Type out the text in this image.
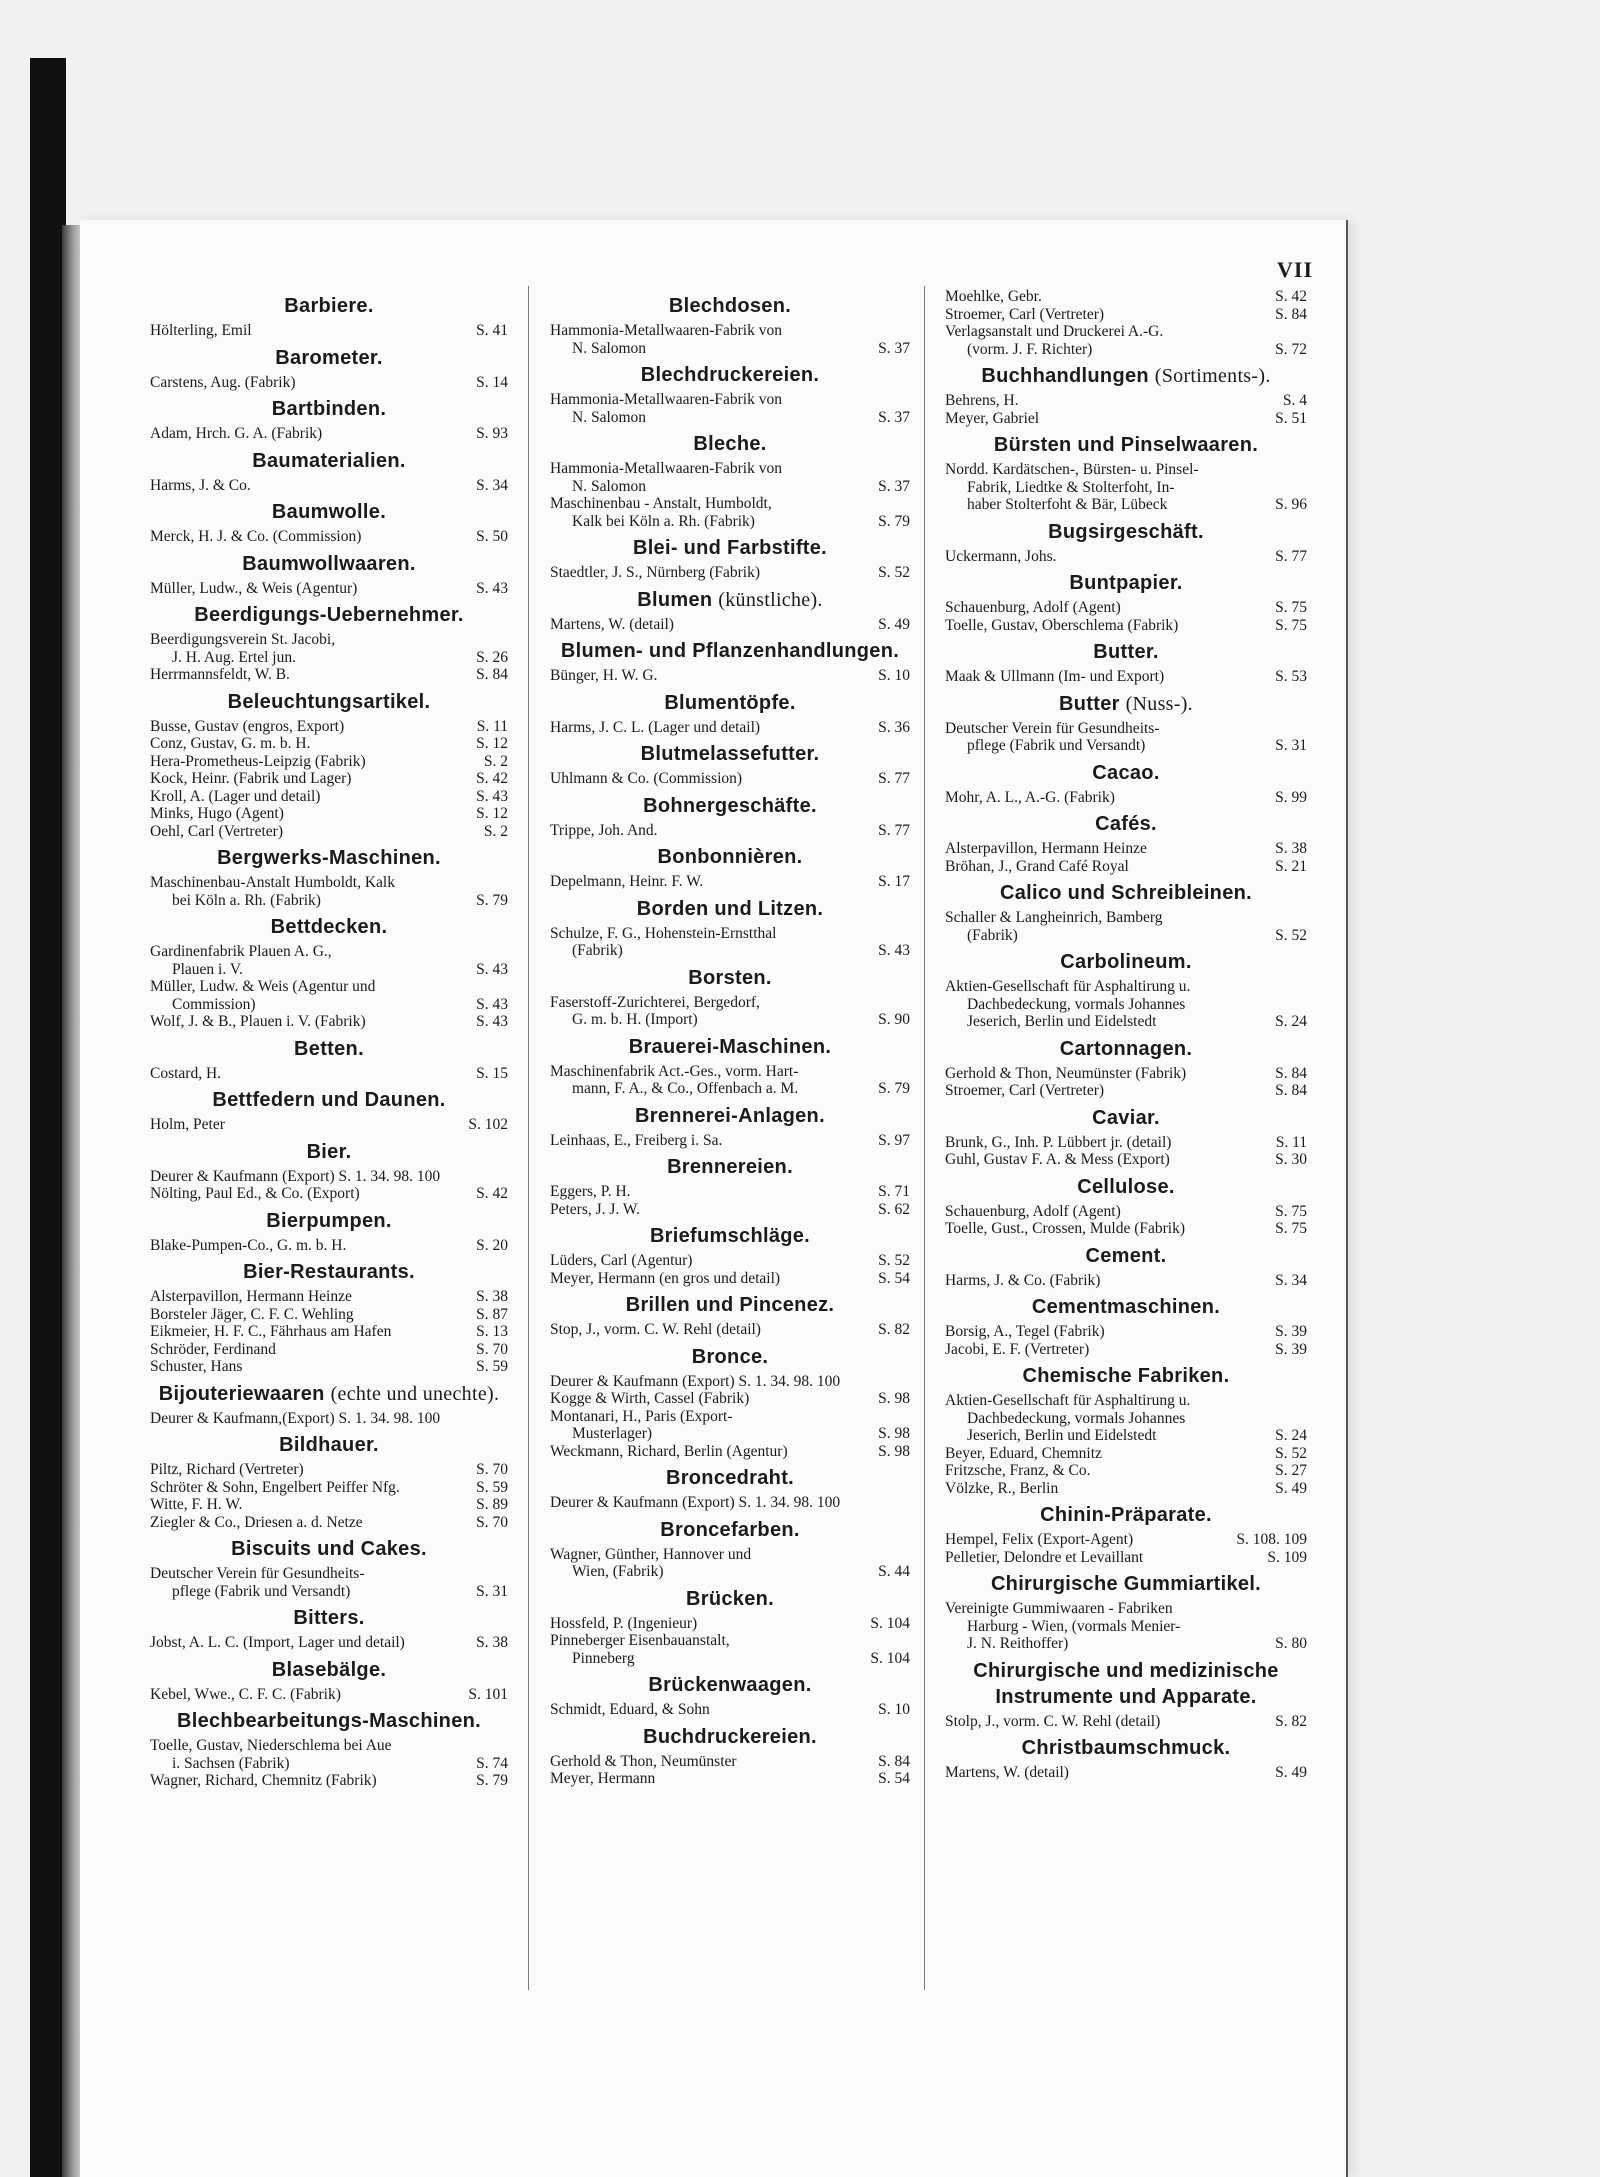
VII
Barbiere.
Hölterling, Emil	S. 41
Barometer.
Carstens, Aug. (Fabrik)	S. 14
Bartbinden.
Adam, Hrch. G. A. (Fabrik)	S. 93
Baumaterialien.
Harms, J. & Co.	S. 34
Baumwolle.
Merck, H. J. & Co. (Commission)	S. 50
Baumwollwaaren.
Müller, Ludw., & Weis (Agentur)	S. 43
Beerdigungs-Uebernehmer.
Beerdigungsverein St. Jacobi,
J. H. Aug. Ertel jun.	S. 26
Herrmannsfeldt, W. B.	S. 84
Beleuchtungsartikel.
Busse, Gustav (engros, Export)	S. 11
Conz, Gustav, G. m. b. H.	S. 12
Hera-Prometheus-Leipzig (Fabrik)	S. 2
Kock, Heinr. (Fabrik und Lager)	S. 42
Kroll, A. (Lager und detail)	S. 43
Minks, Hugo (Agent)	S. 12
Oehl, Carl (Vertreter)	S. 2
Bergwerks-Maschinen.
Maschinenbau-Anstalt Humboldt, Kalk
bei Köln a. Rh. (Fabrik)	S. 79
Bettdecken.
Gardinenfabrik Plauen A. G.,
Plauen i. V.	S. 43
Müller, Ludw. & Weis (Agentur und
Commission)	S. 43
Wolf, J. & B., Plauen i. V. (Fabrik)	S. 43
Betten.
Costard, H.	S. 15
Bettfedern und Daunen.
Holm, Peter	S. 102
Bier.
Deurer & Kaufmann (Export) S. 1. 34. 98. 100
Nölting, Paul Ed., & Co. (Export)	S. 42
Bierpumpen.
Blake-Pumpen-Co., G. m. b. H.	S. 20
Bier-Restaurants.
Alsterpavillon, Hermann Heinze	S. 38
Borsteler Jäger, C. F. C. Wehling	S. 87
Eikmeier, H. F. C., Fährhaus am Hafen	S. 13
Schröder, Ferdinand	S. 70
Schuster, Hans	S. 59
Bijouteriewaaren (echte und unechte).
Deurer & Kaufmann,(Export) S. 1. 34. 98. 100
Bildhauer.
Piltz, Richard (Vertreter)	S. 70
Schröter & Sohn, Engelbert Peiffer Nfg.	S. 59
Witte, F. H. W.	S. 89
Ziegler & Co., Driesen a. d. Netze	S. 70
Biscuits und Cakes.
Deutscher Verein für Gesundheits-
pflege (Fabrik und Versandt)	S. 31
Bitters.
Jobst, A. L. C. (Import, Lager und detail)	S. 38
Blasebälge.
Kebel, Wwe., C. F. C. (Fabrik)	S. 101
Blechbearbeitungs-Maschinen.
Toelle, Gustav, Niederschlema bei Aue
i. Sachsen (Fabrik)	S. 74
Wagner, Richard, Chemnitz (Fabrik)	S. 79
Blechdosen.
Hammonia-Metallwaaren-Fabrik von
N. Salomon	S. 37
Blechdruckereien.
Hammonia-Metallwaaren-Fabrik von
N. Salomon	S. 37
Bleche.
Hammonia-Metallwaaren-Fabrik von
N. Salomon	S. 37
Maschinenbau - Anstalt, Humboldt,
Kalk bei Köln a. Rh. (Fabrik)	S. 79
Blei- und Farbstifte.
Staedtler, J. S., Nürnberg (Fabrik)	S. 52
Blumen (künstliche).
Martens, W. (detail)	S. 49
Blumen- und Pflanzenhandlungen.
Bünger, H. W. G.	S. 10
Blumentöpfe.
Harms, J. C. L. (Lager und detail)	S. 36
Blutmelassefutter.
Uhlmann & Co. (Commission)	S. 77
Bohnergeschäfte.
Trippe, Joh. And.	S. 77
Bonbonnièren.
Depelmann, Heinr. F. W.	S. 17
Borden und Litzen.
Schulze, F. G., Hohenstein-Ernstthal
(Fabrik)	S. 43
Borsten.
Faserstoff-Zurichterei, Bergedorf,
G. m. b. H. (Import)	S. 90
Brauerei-Maschinen.
Maschinenfabrik Act.-Ges., vorm. Hart-
mann, F. A., & Co., Offenbach a. M.	S. 79
Brennerei-Anlagen.
Leinhaas, E., Freiberg i. Sa.	S. 97
Brennereien.
Eggers, P. H.	S. 71
Peters, J. J. W.	S. 62
Briefumschläge.
Lüders, Carl (Agentur)	S. 52
Meyer, Hermann (en gros und detail)	S. 54
Brillen und Pincenez.
Stop, J., vorm. C. W. Rehl (detail)	S. 82
Bronce.
Deurer & Kaufmann (Export) S. 1. 34. 98. 100
Kogge & Wirth, Cassel (Fabrik)	S. 98
Montanari, H., Paris (Export-
Musterlager)	S. 98
Weckmann, Richard, Berlin (Agentur)	S. 98
Broncedraht.
Deurer & Kaufmann (Export) S. 1. 34. 98. 100
Broncefarben.
Wagner, Günther, Hannover und
Wien, (Fabrik)	S. 44
Brücken.
Hossfeld, P. (Ingenieur)	S. 104
Pinneberger Eisenbauanstalt,
Pinneberg	S. 104
Brückenwaagen.
Schmidt, Eduard, & Sohn	S. 10
Buchdruckereien.
Gerhold & Thon, Neumünster	S. 84
Meyer, Hermann	S. 54
Moehlke, Gebr.	S. 42
Stroemer, Carl (Vertreter)	S. 84
Verlagsanstalt und Druckerei A.-G.
(vorm. J. F. Richter)	S. 72
Buchhandlungen (Sortiments-).
Behrens, H.	S. 4
Meyer, Gabriel	S. 51
Bürsten und Pinselwaaren.
Nordd. Kardätschen-, Bürsten- u. Pinsel-
Fabrik, Liedtke & Stolterfoht, In-
haber Stolterfoht & Bär, Lübeck	S. 96
Bugsirgeschäft.
Uckermann, Johs.	S. 77
Buntpapier.
Schauenburg, Adolf (Agent)	S. 75
Toelle, Gustav, Oberschlema (Fabrik)	S. 75
Butter.
Maak & Ullmann (Im- und Export)	S. 53
Butter (Nuss-).
Deutscher Verein für Gesundheits-
pflege (Fabrik und Versandt)	S. 31
Cacao.
Mohr, A. L., A.-G. (Fabrik)	S. 99
Cafés.
Alsterpavillon, Hermann Heinze	S. 38
Bröhan, J., Grand Café Royal	S. 21
Calico und Schreibleinen.
Schaller & Langheinrich, Bamberg
(Fabrik)	S. 52
Carbolineum.
Aktien-Gesellschaft für Asphaltirung u.
Dachbedeckung, vormals Johannes
Jeserich, Berlin und Eidelstedt	S. 24
Cartonnagen.
Gerhold & Thon, Neumünster (Fabrik)	S. 84
Stroemer, Carl (Vertreter)	S. 84
Caviar.
Brunk, G., Inh. P. Lübbert jr. (detail)	S. 11
Guhl, Gustav F. A. & Mess (Export)	S. 30
Cellulose.
Schauenburg, Adolf (Agent)	S. 75
Toelle, Gust., Crossen, Mulde (Fabrik)	S. 75
Cement.
Harms, J. & Co. (Fabrik)	S. 34
Cementmaschinen.
Borsig, A., Tegel (Fabrik)	S. 39
Jacobi, E. F. (Vertreter)	S. 39
Chemische Fabriken.
Aktien-Gesellschaft für Asphaltirung u.
Dachbedeckung, vormals Johannes
Jeserich, Berlin und Eidelstedt	S. 24
Beyer, Eduard, Chemnitz	S. 52
Fritzsche, Franz, & Co.	S. 27
Völzke, R., Berlin	S. 49
Chinin-Präparate.
Hempel, Felix (Export-Agent)	S. 108. 109
Pelletier, Delondre et Levaillant	S. 109
Chirurgische Gummiartikel.
Vereinigte Gummiwaaren - Fabriken
Harburg - Wien, (vormals Menier-
J. N. Reithoffer)	S. 80
Chirurgische und medizinische Instrumente und Apparate.
Stolp, J., vorm. C. W. Rehl (detail)	S. 82
Christbaumschmuck.
Martens, W. (detail)	S. 49
